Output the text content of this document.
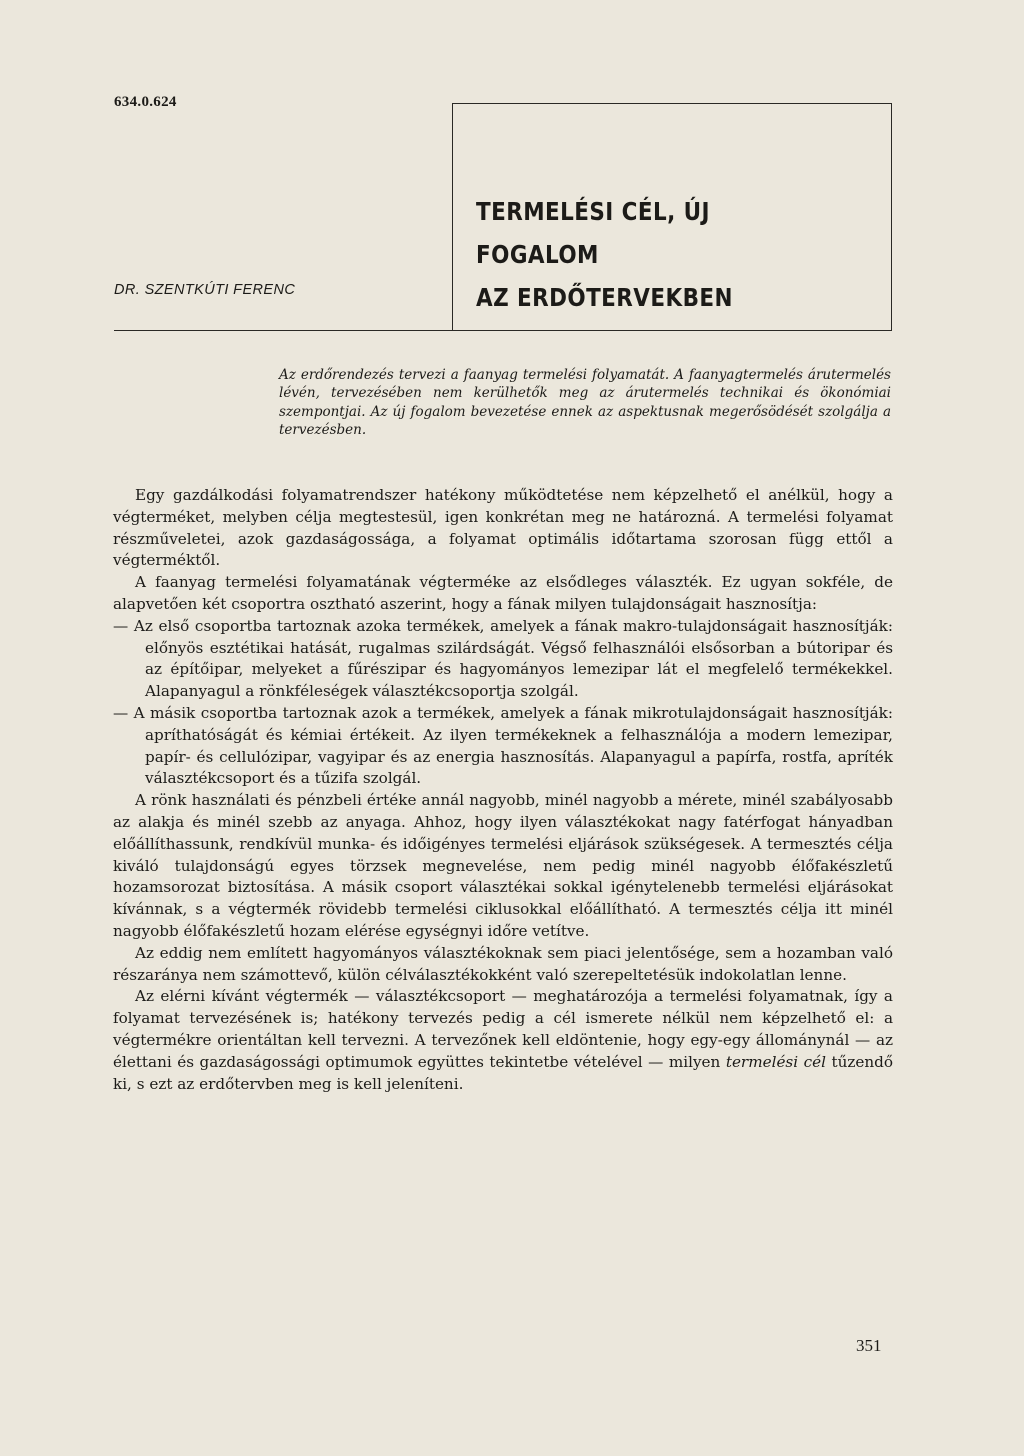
634.0.624
TERMELÉSI CÉL, ÚJ FOGALOM
AZ ERDŐTERVEKBEN
DR. SZENTKÚTI FERENC
Az erdőrendezés tervezi a faanyag termelési folyamatát. A faanyagtermelés árutermelés lévén, tervezésében nem kerülhetők meg az árutermelés technikai és ökonómiai szempontjai. Az új fogalom bevezetése ennek az aspektusnak megerősödését szolgálja a tervezésben.

Egy gazdálkodási folyamatrendszer hatékony működtetése nem képzelhető el anélkül, hogy a végterméket, melyben célja megtestesül, igen konkrétan meg ne határozná. A termelési folyamat részműveletei, azok gazdaságossága, a folyamat optimális időtartama szorosan függ ettől a végterméktől.

A faanyag termelési folyamatának végterméke az elsődleges választék. Ez ugyan sokféle, de alapvetően két csoportra osztható aszerint, hogy a fának milyen tulajdonságait hasznosítja:

— Az első csoportba tartoznak azoka termékek, amelyek a fának makro-tulajdonságait hasznosítják: előnyös esztétikai hatását, rugalmas szilárdságát. Végső felhasználói elsősorban a bútoripar és az építőipar, melyeket a fűrészipar és hagyományos lemezipar lát el megfelelő termékekkel. Alapanyagul a rönkféleségek választékcsoportja szolgál.

— A másik csoportba tartoznak azok a termékek, amelyek a fának mikrotulajdonságait hasznosítják: apríthatóságát és kémiai értékeit. Az ilyen termékeknek a felhasználója a modern lemezipar, papír- és cellulózipar, vagyipar és az energia hasznosítás. Alapanyagul a papírfa, rostfa, apríték választékcsoport és a tűzifa szolgál.

A rönk használati és pénzbeli értéke annál nagyobb, minél nagyobb a mérete, minél szabályosabb az alakja és minél szebb az anyaga. Ahhoz, hogy ilyen választékokat nagy fatérfogat hányadban előállíthassunk, rendkívül munka- és időigényes termelési eljárások szükségesek. A termesztés célja kiváló tulajdonságú egyes törzsek megnevelése, nem pedig minél nagyobb élőfakészletű hozamsorozat biztosítása. A másik csoport választékai sokkal igénytelenebb termelési eljárásokat kívánnak, s a végtermék rövidebb termelési ciklusokkal előállítható. A termesztés célja itt minél nagyobb élőfakészletű hozam elérése egységnyi időre vetítve.

Az eddig nem említett hagyományos választékoknak sem piaci jelentősége, sem a hozamban való részaránya nem számottevő, külön célválasztékokként való szerepeltetésük indokolatlan lenne.

Az elérni kívánt végtermék — választékcsoport — meghatározója a termelési folyamatnak, így a folyamat tervezésének is; hatékony tervezés pedig a cél ismerete nélkül nem képzelhető el: a végtermékre orientáltan kell tervezni. A tervezőnek kell eldöntenie, hogy egy-egy állománynál — az élettani és gazdaságossági optimumok együttes tekintetbe vételével — milyen termelési cél tűzendő ki, s ezt az erdőtervben meg is kell jeleníteni.

351
